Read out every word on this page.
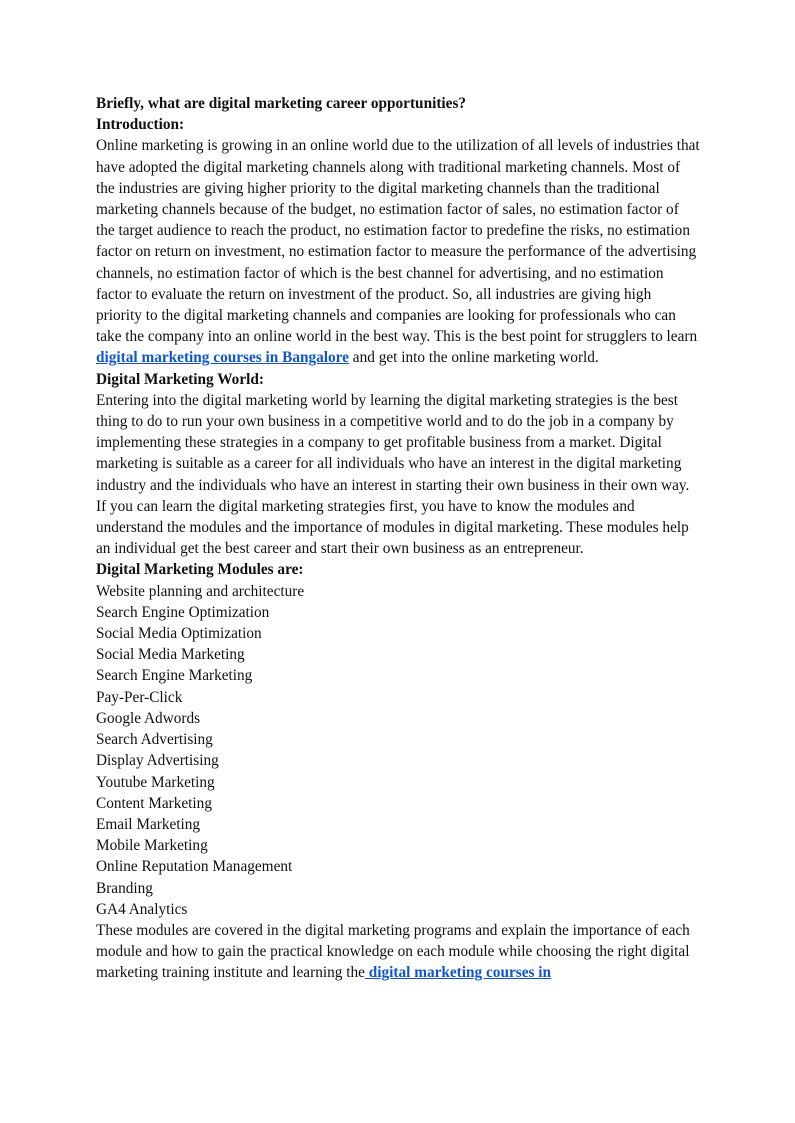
Briefly, what are digital marketing career opportunities?

Introduction:

Online marketing is growing in an online world due to the utilization of all levels of industries that have adopted the digital marketing channels along with traditional marketing channels. Most of the industries are giving higher priority to the digital marketing channels than the traditional marketing channels because of the budget, no estimation factor of sales, no estimation factor of the target audience to reach the product, no estimation factor to predefine the risks, no estimation factor on return on investment, no estimation factor to measure the performance of the advertising channels, no estimation factor of which is the best channel for advertising, and no estimation factor to evaluate the return on investment of the product. So, all industries are giving high priority to the digital marketing channels and companies are looking for professionals who can take the company into an online world in the best way. This is the best point for strugglers to learn digital marketing courses in Bangalore and get into the online marketing world.

Digital Marketing World:

Entering into the digital marketing world by learning the digital marketing strategies is the best thing to do to run your own business in a competitive world and to do the job in a company by implementing these strategies in a company to get profitable business from a market. Digital marketing is suitable as a career for all individuals who have an interest in the digital marketing industry and the individuals who have an interest in starting their own business in their own way.

If you can learn the digital marketing strategies first, you have to know the modules and understand the modules and the importance of modules in digital marketing. These modules help an individual get the best career and start their own business as an entrepreneur.

Digital Marketing Modules are:

Website planning and architecture
Search Engine Optimization
Social Media Optimization
Social Media Marketing
Search Engine Marketing
Pay-Per-Click
Google Adwords
Search Advertising
Display Advertising
Youtube Marketing
Content Marketing
Email Marketing
Mobile Marketing
Online Reputation Management
Branding
GA4 Analytics

These modules are covered in the digital marketing programs and explain the importance of each module and how to gain the practical knowledge on each module while choosing the right digital marketing training institute and learning the digital marketing courses in
